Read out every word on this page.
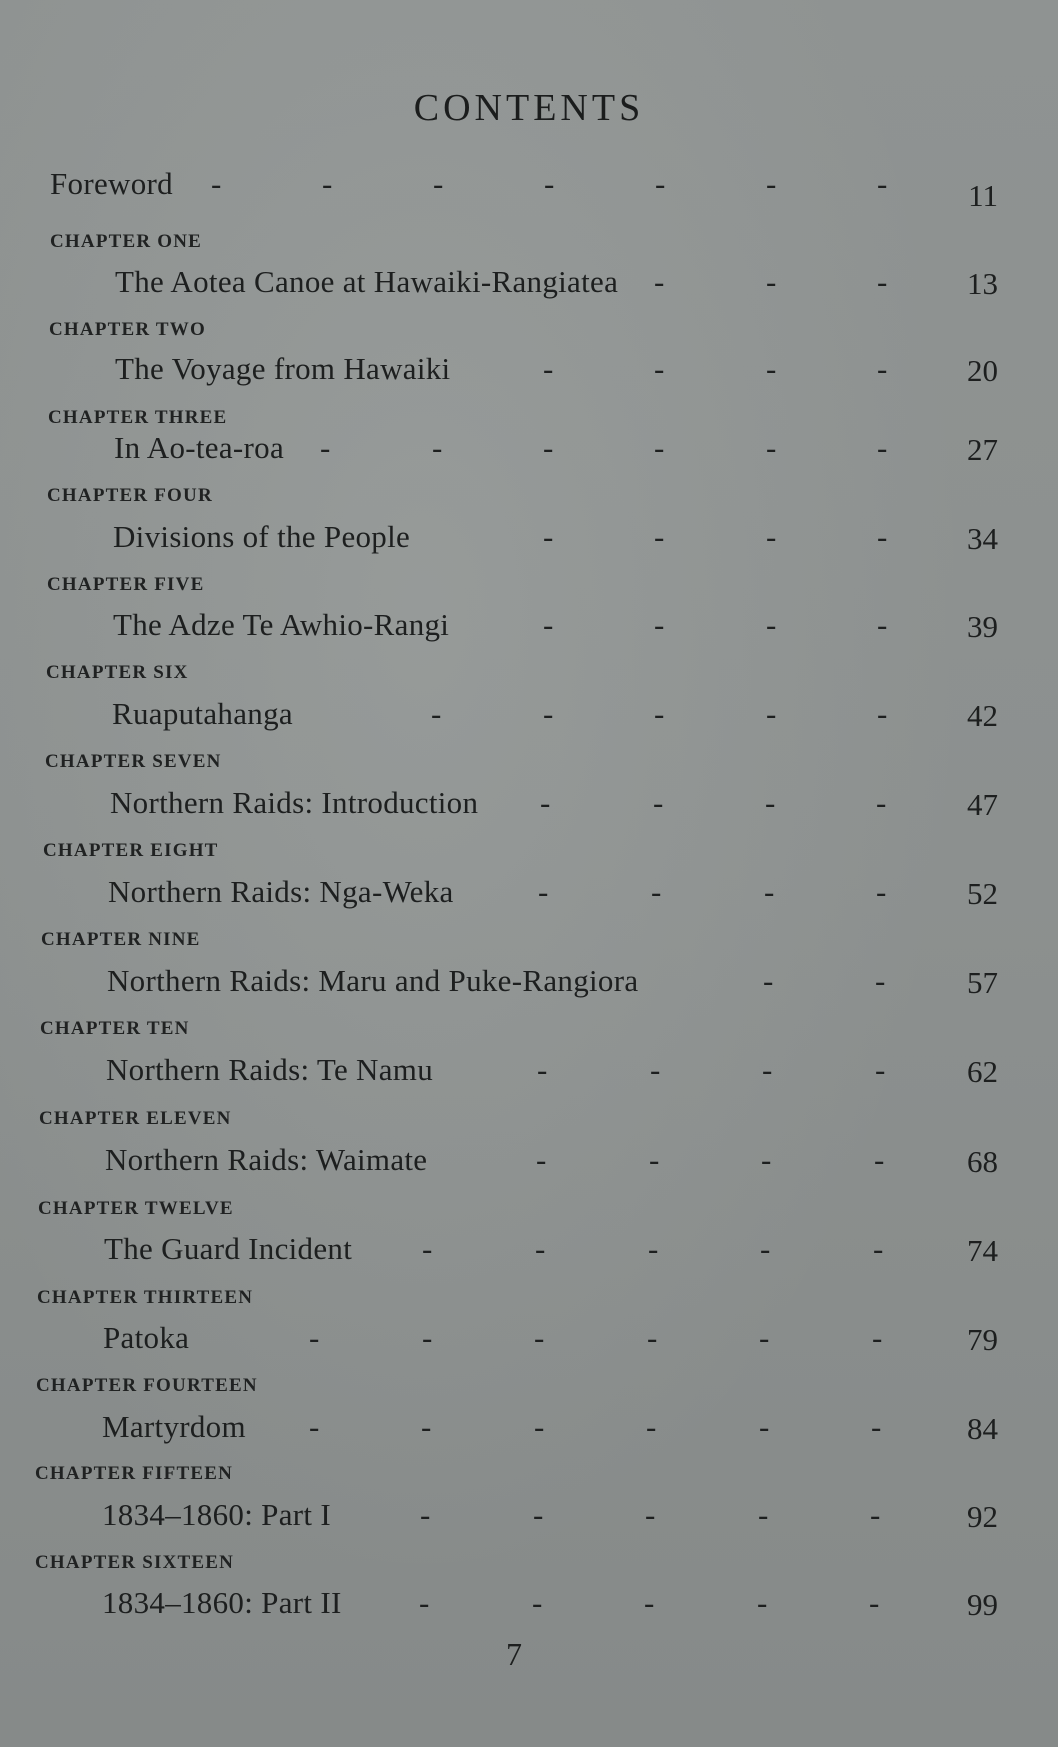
CONTENTS
Foreword -	-	-	-	-	-	-	11
CHAPTER ONE
The Aotea Canoe at Hawaiki-Rangiatea -	-	-	13
CHAPTER TWO
The Voyage from Hawaiki	-	-	-	-	20
CHAPTER THREE
In Ao-tea-roa -	-	-	-	-	-	27
CHAPTER FOUR
Divisions of the People	-	-	-	-	34
CHAPTER FIVE
The Adze Te Awhio-Rangi	-	-	-	-	39
CHAPTER SIX
Ruaputahanga	-	-	-	-	-	42
CHAPTER SEVEN
Northern Raids: Introduction -	-	-	-	47
CHAPTER EIGHT
Northern Raids: Nga-Weka	-	-	-	-	52
CHAPTER NINE
Northern Raids: Maru and Puke-Rangiora	-	-	57
CHAPTER TEN
Northern Raids: Te Namu	-	-	-	-	62
CHAPTER ELEVEN
Northern Raids: Waimate	-	-	-	-	68
CHAPTER TWELVE
The Guard Incident -	-	-	-	-	74
CHAPTER THIRTEEN
Patoka	-	-	-	-	-	-	79
CHAPTER FOURTEEN
Martyrdom -	-	-	-	-	-	84
CHAPTER FIFTEEN
1834–1860: Part I	-	-	-	-	-	92
CHAPTER SIXTEEN
1834–1860: Part II -	-	-	-	-	99
7
